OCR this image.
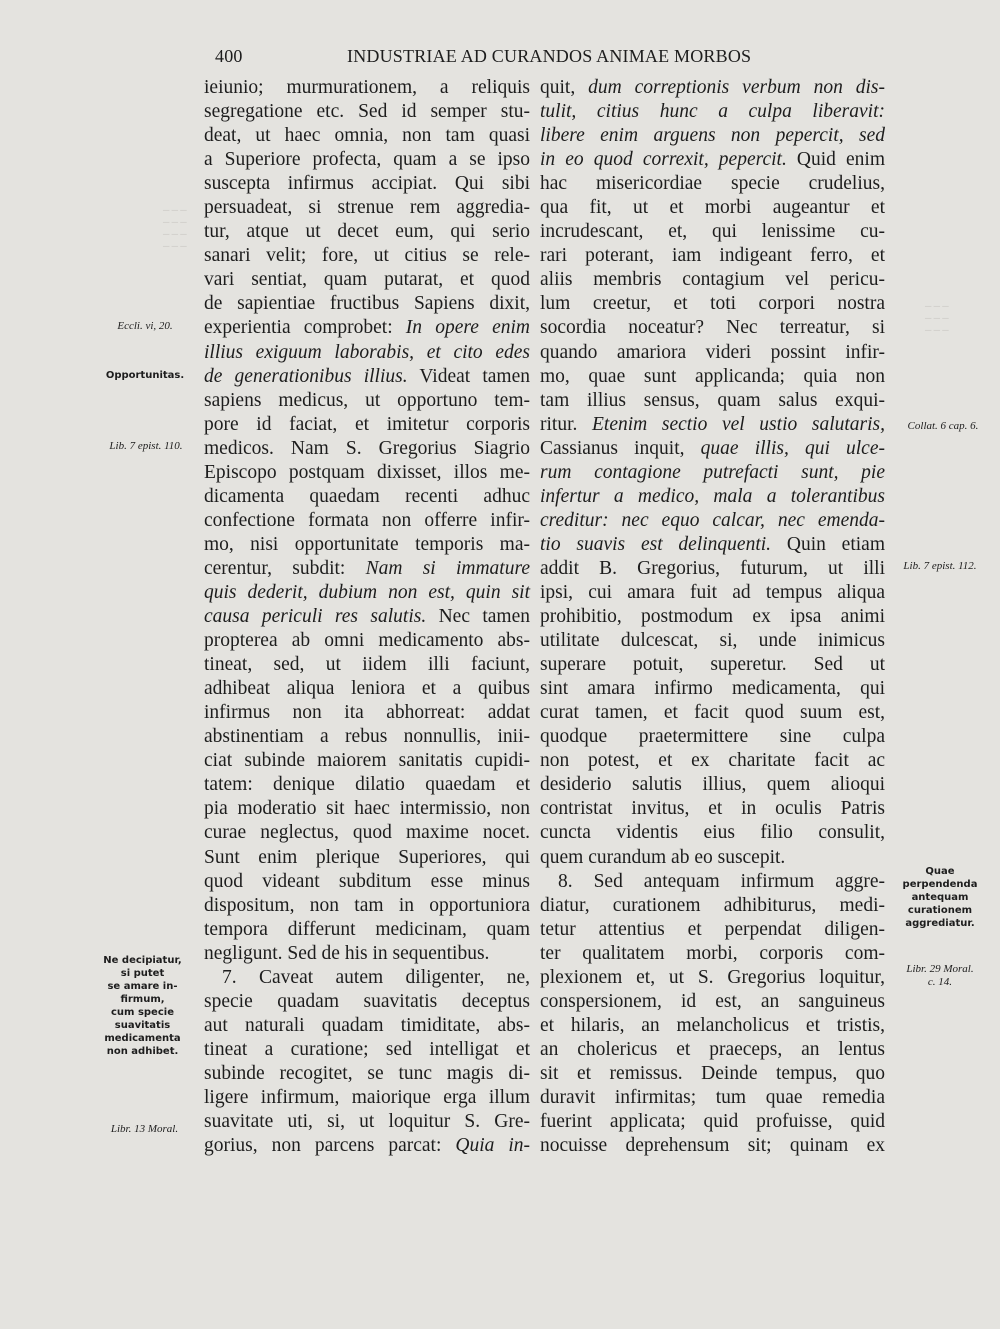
400	INDUSTRIAE AD CURANDOS ANIMAE MORBOS
ieiunio; murmurationem, a reliquis
segregatione etc. Sed id semper stu-
deat, ut haec omnia, non tam quasi
a Superiore profecta, quam a se ipso
suscepta infirmus accipiat. Qui sibi
persuadeat, si strenue rem aggredia-
tur, atque ut decet eum, qui serio
sanari velit; fore, ut citius se rele-
vari sentiat, quam putarat, et quod
de sapientiae fructibus Sapiens dixit,
experientia comprobet: In opere enim
illius exiguum laborabis, et cito edes
de generationibus illius. Videat tamen
sapiens medicus, ut opportuno tem-
pore id faciat, et imitetur corporis
medicos. Nam S. Gregorius Siagrio
Episcopo postquam dixisset, illos me-
dicamenta quaedam recenti adhuc
confectione formata non offerre infir-
mo, nisi opportunitate temporis ma-
cerentur, subdit: Nam si immature
quis dederit, dubium non est, quin sit
causa periculi res salutis. Nec tamen
propterea ab omni medicamento abs-
tineat, sed, ut iidem illi faciunt,
adhibeat aliqua leniora et a quibus
infirmus non ita abhorreat: addat
abstinentiam a rebus nonnullis, inii-
ciat subinde maiorem sanitatis cupidi-
tatem: denique dilatio quaedam et
pia moderatio sit haec intermissio, non
curae neglectus, quod maxime nocet.
Sunt enim plerique Superiores, qui
quod videant subditum esse minus
dispositum, non tam in opportuniora
tempora differunt medicinam, quam
negligunt. Sed de his in sequentibus.
7. Caveat autem diligenter, ne,
specie quadam suavitatis deceptus
aut naturali quadam timiditate, abs-
tineat a curatione; sed intelligat et
subinde recogitet, se tunc magis di-
ligere infirmum, maiorique erga illum
suavitate uti, si, ut loquitur S. Gre-
gorius, non parcens parcat: Quia in-
quit, dum correptionis verbum non dis-
tulit, citius hunc a culpa liberavit:
libere enim arguens non pepercit, sed
in eo quod correxit, pepercit. Quid enim
hac misericordiae specie crudelius,
qua fit, ut et morbi augeantur et
incrudescant, et, qui lenissime cu-
rari poterant, iam indigeant ferro, et
aliis membris contagium vel pericu-
lum creetur, et toti corpori nostra
socordia noceatur? Nec terreatur, si
quando amariora videri possint infir-
mo, quae sunt applicanda; quia non
tam illius sensus, quam salus exqui-
ritur. Etenim sectio vel ustio salutaris,
Cassianus inquit, quae illis, qui ulce-
rum contagione putrefacti sunt, pie
infertur a medico, mala a tolerantibus
creditur: nec equo calcar, nec emenda-
tio suavis est delinquenti. Quin etiam
addit B. Gregorius, futurum, ut illi
ipsi, cui amara fuit ad tempus aliqua
prohibitio, postmodum ex ipsa animi
utilitate dulcescat, si, unde inimicus
superare potuit, superetur. Sed ut
sint amara infirmo medicamenta, qui
curat tamen, et facit quod suum est,
quodque praetermittere sine culpa
non potest, et ex charitate facit ac
desiderio salutis illius, quem alioqui
contristat invitus, et in oculis Patris
cuncta videntis eius filio consulit,
quem curandum ab eo suscepit.
8. Sed antequam infirmum aggre-
diatur, curationem adhibiturus, medi-
tetur attentius et perpendat diligen-
ter qualitatem morbi, corporis com-
plexionem et, ut S. Gregorius loquitur,
conspersionem, id est, an sanguineus
et hilaris, an melancholicus et tristis,
an cholericus et praeceps, an lentus
sit et remissus. Deinde tempus, quo
duravit infirmitas; tum quae remedia
fuerint applicata; quid profuisse, quid
nocuisse deprehensum sit; quinam ex
─ ─ ─
─ ─ ─
─ ─ ─
─ ─ ─
─ ─ ─
─ ─ ─
─ ─ ─
Eccli. vi, 20.
Opportunitas.
Lib. 7 epist. 110.
Ne decipiatur,
si putet
se amare in-
firmum,
cum specie
suavitatis
medicamenta
non adhibet.
Libr. 13 Moral.
Collat. 6 cap. 6.
Lib. 7 epist. 112.
Quae
perpendenda
antequam
curationem
aggrediatur.
Libr. 29 Moral.
c. 14.
